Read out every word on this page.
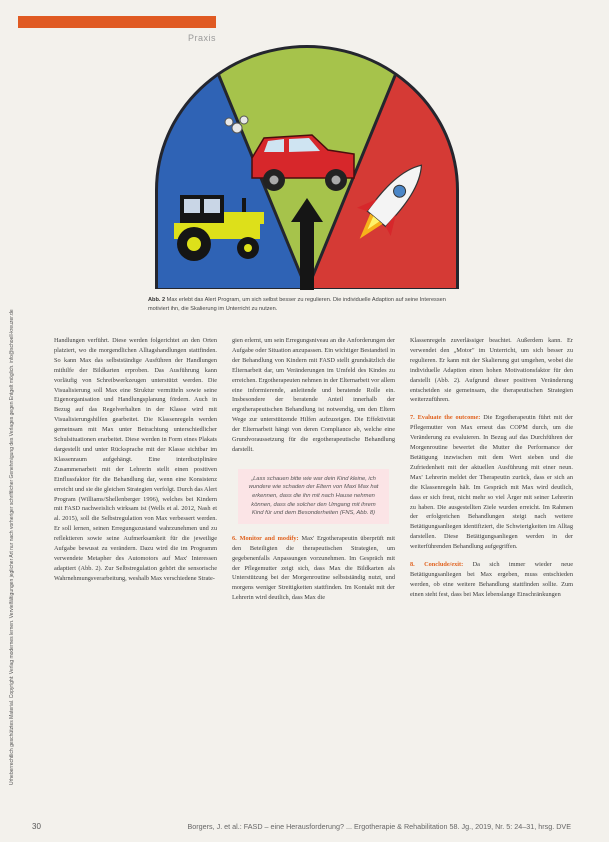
Praxis
Urheberrechtlich geschütztes Material. Copyright: Verlag modernes lernen. Vervielfältigungen jeglicher Art nur nach vorheriger schriftlicher Genehmigung des Verlages gegen Entgelt möglich. info@schoell-kreuzer.de
Abb. 2 Max erlebt das Alert Program, um sich selbst besser zu regulieren. Die individuelle Adaption auf seine Interessen motiviert ihn, die Skalierung im Unterricht zu nutzen.

Handlungen verführt. Diese werden folgerichtet an den Orten platziert, wo die morgendlichen Alltagshandlungen stattfinden. So kann Max das selbstständige Ausführen der Handlungen mithilfe der Bildkarten erproben. Das Ausführung kann vorläufig von Schreibwerkzeugen unterstützt werden. Die Visualisierung soll Max eine Struktur vermitteln sowie seine Eigenorganisation und Handlungsplanung fördern. Auch in Bezug auf das Regelverhalten in der Klasse wird mit Visualisierungshilfen gearbeitet. Die Klassenregeln werden gemeinsam mit Max unter Betrachtung unterschiedlicher Schulsituationen erarbeitet. Diese werden in Form eines Plakats dargestellt und unter Rücksprache mit der Klasse sichtbar im Klassenraum aufgehängt. Eine interdisziplinäre Zusammenarbeit mit der Lehrerin stellt einen positiven Einflussfaktor für die Behandlung dar, wenn eine Konsistenz erreicht und sie die gleichen Strategien verfolgt. Durch das Alert Program (Williams/Shellenberger 1996), welches bei Kindern mit FASD nachweislich wirksam ist (Wells et al. 2012, Nash et al. 2015), soll die Selbstregulation von Max verbessert werden. Er soll lernen, seinen Erregungszustand wahrzunehmen und zu reflektieren sowie seine Aufmerksamkeit für die jeweilige Aufgabe bewusst zu verändern. Dazu wird die im Programm verwendete Metapher des Automotors auf Max' Interessen adaptiert (Abb. 2). Zur Selbstregulation gehört die sensorische Wahrnehmungsverarbeitung, weshalb Max verschiedene Strate-

gien erlernt, um sein Erregungsniveau an die Anforderungen der Aufgabe oder Situation anzupassen. Ein wichtiger Bestandteil in der Behandlung von Kindern mit FASD stellt grundsätzlich die Elternarbeit dar, um Veränderungen im Umfeld des Kindes zu erreichen. Ergotherapeuten nehmen in der Elternarbeit vor allem eine informierende, anleitende und beratende Rolle ein. Insbesondere der beratende Anteil innerhalb der ergotherapeutischen Behandlung ist notwendig, um den Eltern Wege zur unterstützende Hilfen aufzuzeigen. Die Effektivität der Elternarbeit hängt von deren Compliance ab, welche eine Grundvoraussetzung für die ergotherapeutische Behandlung darstellt.

„Lass schauen bitte wie war dein Kind kleine, ich wundere wie schaden der Eltern von Maxi Max hat erkennen, dass die ihn mit nach Hause nehmen können, dass die solcher den Umgang mit ihrem Kind für und dem Besonderheiten (FNS, Abb. 8)

6. Monitor and modify: Max' Ergotherapeutin überprüft mit den Beteiligten die therapeutischen Strategien, um gegebenenfalls Anpassungen vorzunehmen. Im Gespräch mit der Pflegemutter zeigt sich, dass Max die Bildkarten als Unterstützung bei der Morgenroutine selbstständig nutzt, und morgens weniger Streitigkeiten stattfinden. Im Kontakt mit der Lehrerin wird deutlich, dass Max die

Klassenregeln zuverlässiger beachtet. Außerdem kann. Er verwendet den „Motor" im Unterricht, um sich besser zu regulieren. Er kann mit der Skalierung gut umgehen, wobei die individuelle Adaption einen hohen Motivationsfaktor für den darstellt (Abb. 2). Aufgrund dieser positiven Veränderung entscheiden sie gemeinsam, die therapeutischen Strategien weiterzuführen.

7. Evaluate the outcome: Die Ergotherapeutin führt mit der Pflegemutter von Max erneut das COPM durch, um die Veränderung zu evaluieren. In Bezug auf das Durchführen der Morgenroutine bewertet die Mutter die Performance der Betätigung inzwischen mit dem Wert sieben und die Zufriedenheit mit der aktuellen Ausführung mit einer neun. Max' Lehrerin meldet der Therapeutin zurück, dass er sich an die Klassenregeln hält. Im Gespräch mit Max wird deutlich, dass er sich freut, nicht mehr so viel Ärger mit seiner Lehrerin zu haben. Die ausgestellten Ziele wurden erreicht. Im Rahmen der erfolgreichen Behandlungen steigt nach weitere Betätigungsanliegen identifiziert, die Schwierigkeiten im Alltag darstellen. Diese Betätigungsanliegen werden in der weiterführenden Behandlung aufgegriffen.

8. Conclude/exit: Da sich immer wieder neue Betätigungsanliegen bei Max ergeben, muss entschieden werden, ob eine weitere Behandlung stattfinden sollte. Zum einen steht fest, dass bei Max lebenslange Einschränkungen

30	Borgers, J. et al.: FASD – eine Herausforderung? ... Ergotherapie & Rehabilitation 58. Jg., 2019, Nr. 5: 24–31, hrsg. DVE
